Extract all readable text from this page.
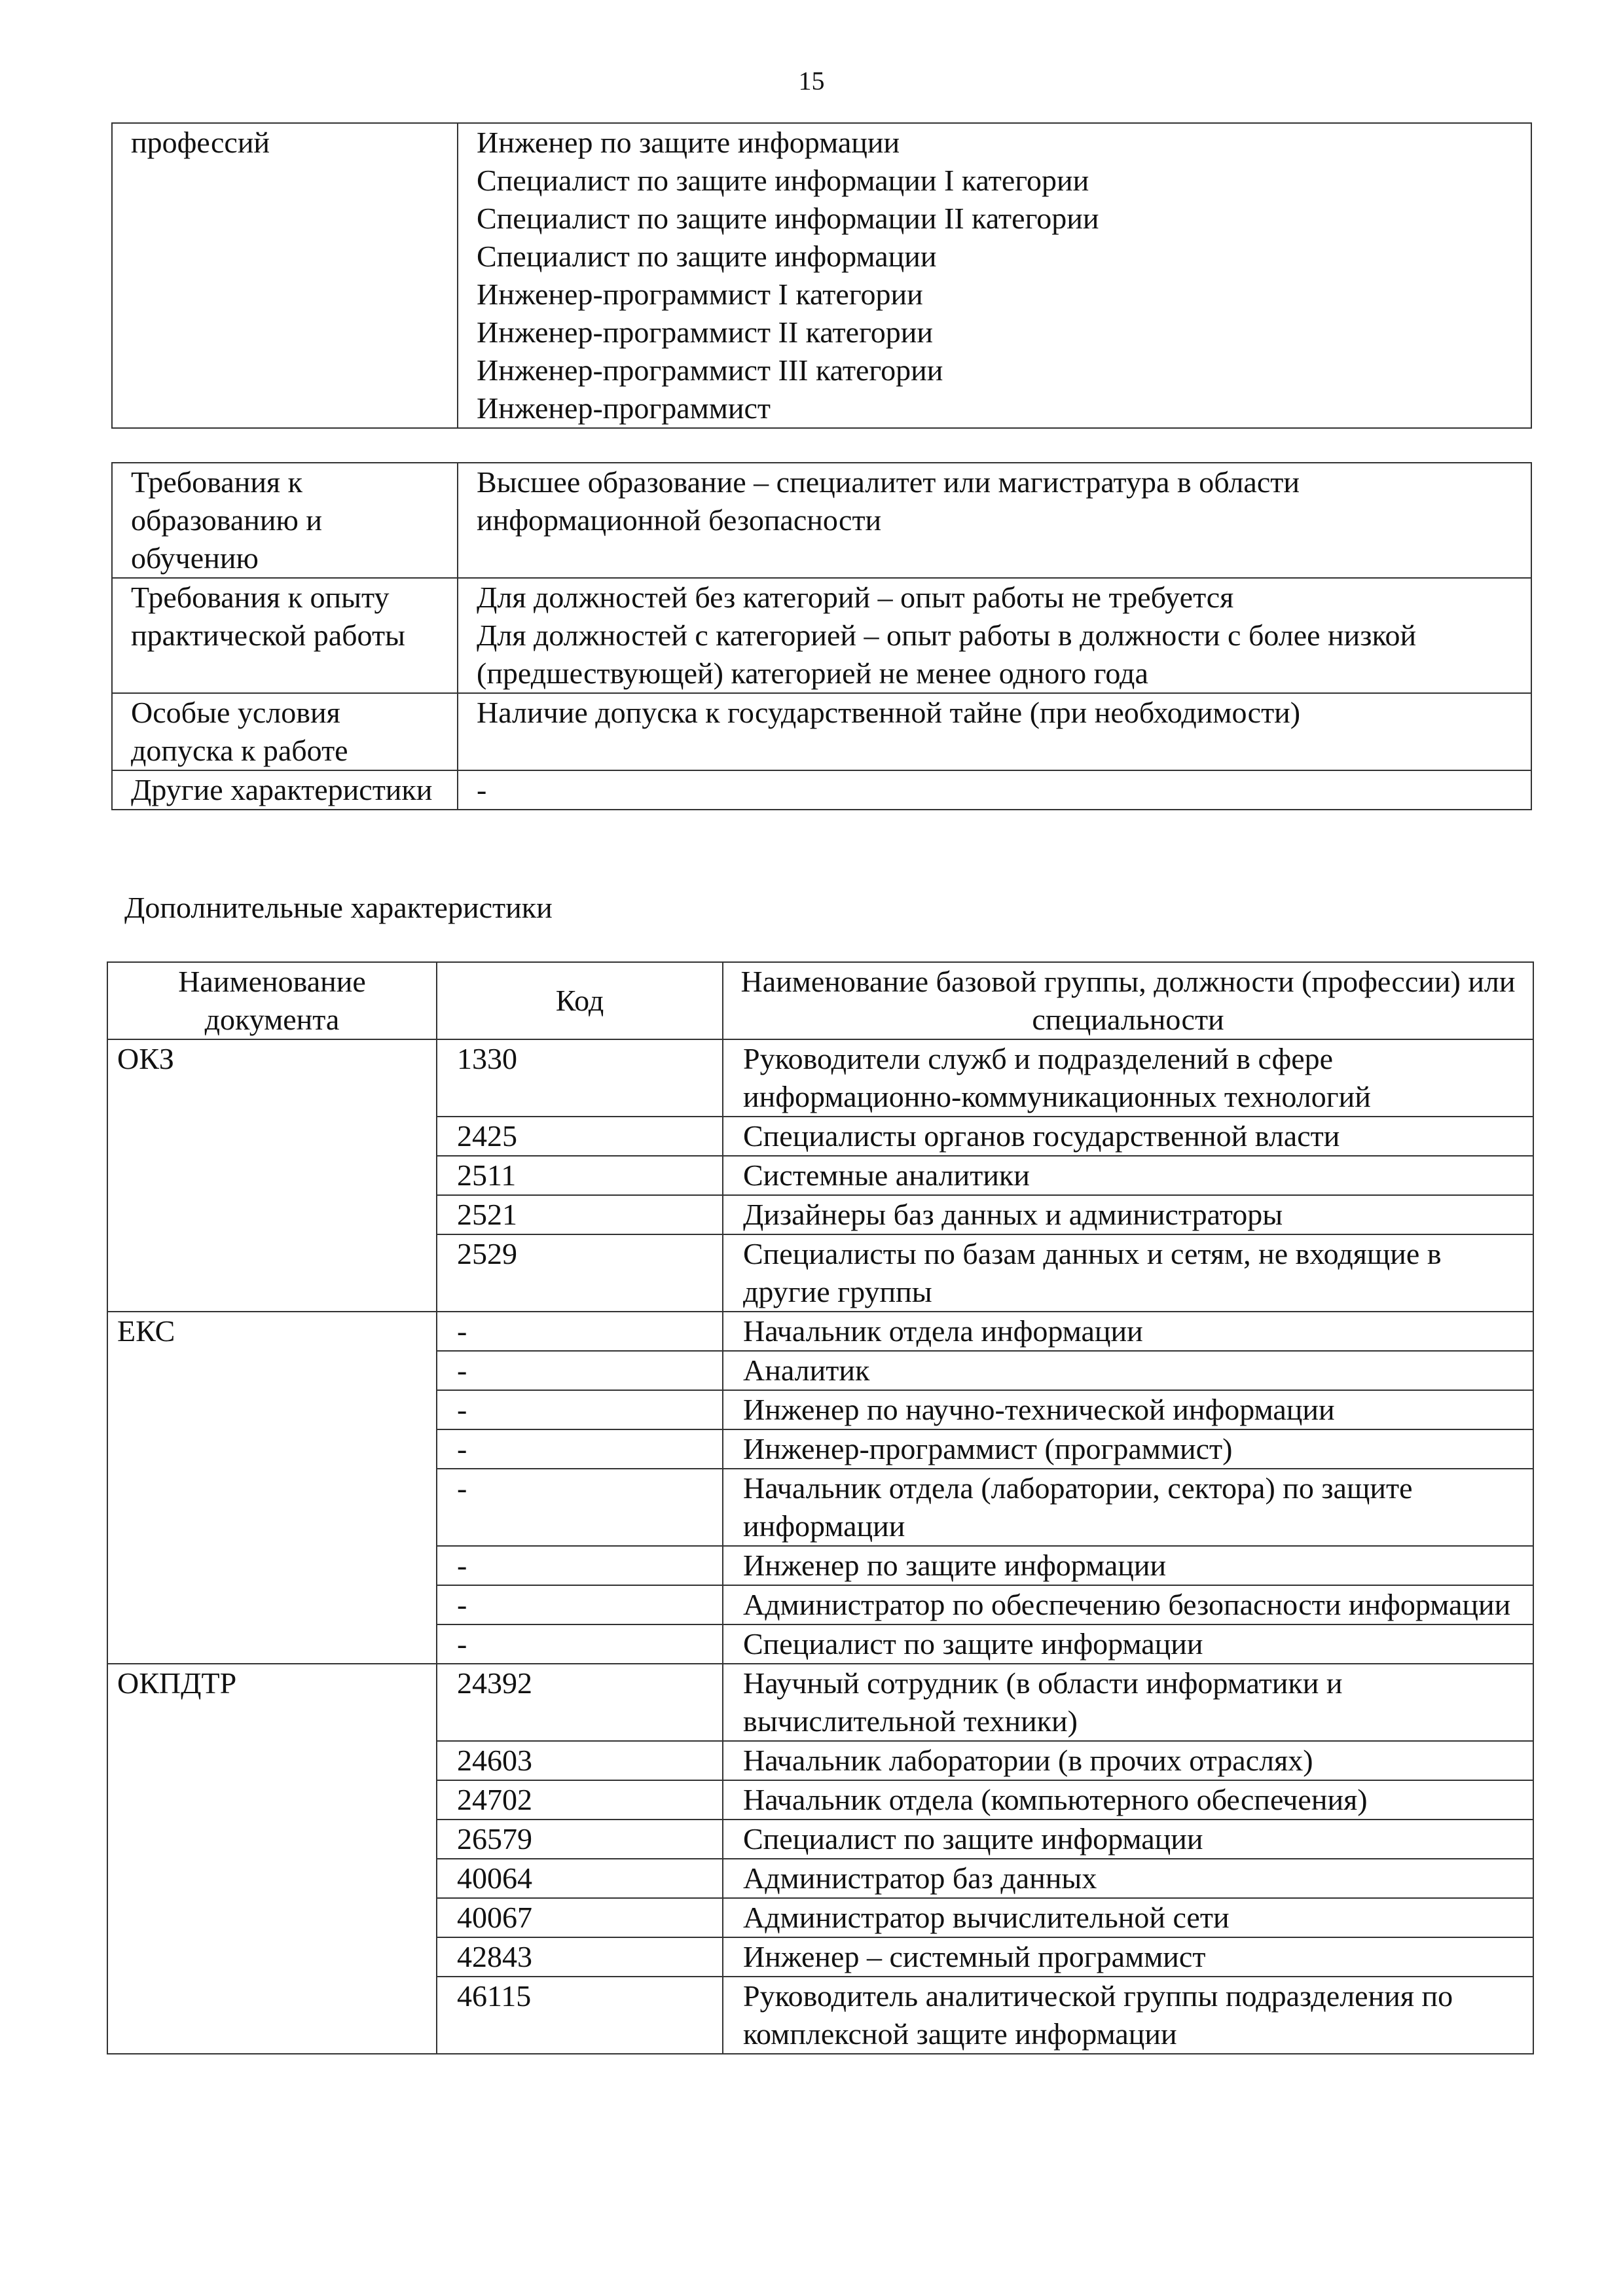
15
профессий	Инженер по защите информации
Специалист по защите информации I категории
Специалист по защите информации II категории
Специалист по защите информации
Инженер-программист I категории
Инженер-программист II категории
Инженер-программист III категории
Инженер-программист
Требования к образованию и обучению	Высшее образование – специалитет или магистратура в области информационной безопасности

Требования к опыту практической работы	Для должностей без категорий – опыт работы не требуется
Для должностей с категорией – опыт работы в должности с более низкой (предшествующей) категорией не менее одного года

Особые условия допуска к работе	Наличие допуска к государственной тайне (при необходимости)

Другие характеристики	-
Дополнительные характеристики
Наименование документа	Код	Наименование базовой группы, должности (профессии) или специальности
ОКЗ	1330	Руководители служб и подразделений в сфере информационно-коммуникационных технологий
	2425	Специалисты органов государственной власти
	2511	Системные аналитики
	2521	Дизайнеры баз данных и администраторы
	2529	Специалисты по базам данных и сетям, не входящие в другие группы
ЕКС	-	Начальник отдела информации
	-	Аналитик
	-	Инженер по научно-технической информации
	-	Инженер-программист (программист)
	-	Начальник отдела (лаборатории, сектора) по защите информации
	-	Инженер по защите информации
	-	Администратор по обеспечению безопасности информации
	-	Специалист по защите информации
ОКПДТР	24392	Научный сотрудник (в области информатики и вычислительной техники)
	24603	Начальник лаборатории (в прочих отраслях)
	24702	Начальник отдела (компьютерного обеспечения)
	26579	Специалист по защите информации
	40064	Администратор баз данных
	40067	Администратор вычислительной сети
	42843	Инженер – системный программист
	46115	Руководитель аналитической группы подразделения по комплексной защите информации
